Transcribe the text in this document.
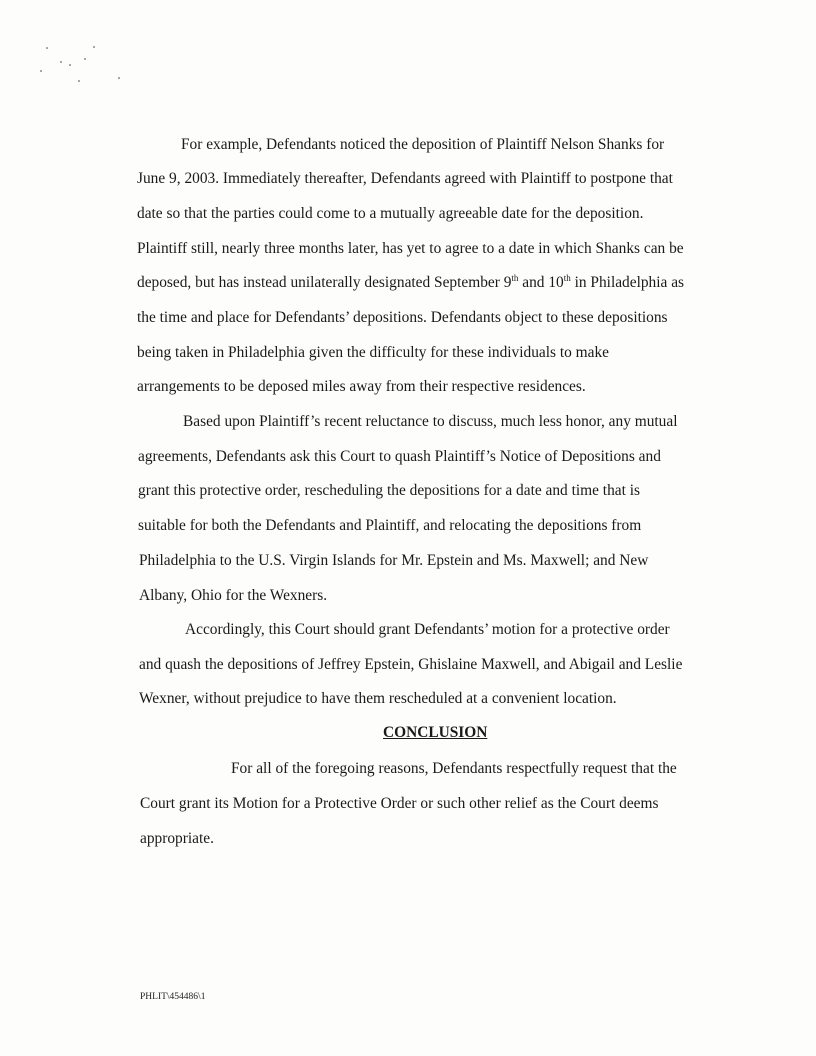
For example, Defendants noticed the deposition of Plaintiff Nelson Shanks for
June 9, 2003. Immediately thereafter, Defendants agreed with Plaintiff to postpone that
date so that the parties could come to a mutually agreeable date for the deposition.
Plaintiff still, nearly three months later, has yet to agree to a date in which Shanks can be
deposed, but has instead unilaterally designated September 9th and 10th in Philadelphia as
the time and place for Defendants’ depositions. Defendants object to these depositions
being taken in Philadelphia given the difficulty for these individuals to make
arrangements to be deposed miles away from their respective residences.
Based upon Plaintiff’s recent reluctance to discuss, much less honor, any mutual
agreements, Defendants ask this Court to quash Plaintiff’s Notice of Depositions and
grant this protective order, rescheduling the depositions for a date and time that is
suitable for both the Defendants and Plaintiff, and relocating the depositions from
Philadelphia to the U.S. Virgin Islands for Mr. Epstein and Ms. Maxwell; and New
Albany, Ohio for the Wexners.
Accordingly, this Court should grant Defendants’ motion for a protective order
and quash the depositions of Jeffrey Epstein, Ghislaine Maxwell, and Abigail and Leslie
Wexner, without prejudice to have them rescheduled at a convenient location.
CONCLUSION
For all of the foregoing reasons, Defendants respectfully request that the
Court grant its Motion for a Protective Order or such other relief as the Court deems
appropriate.
PHLIT\454486\1
